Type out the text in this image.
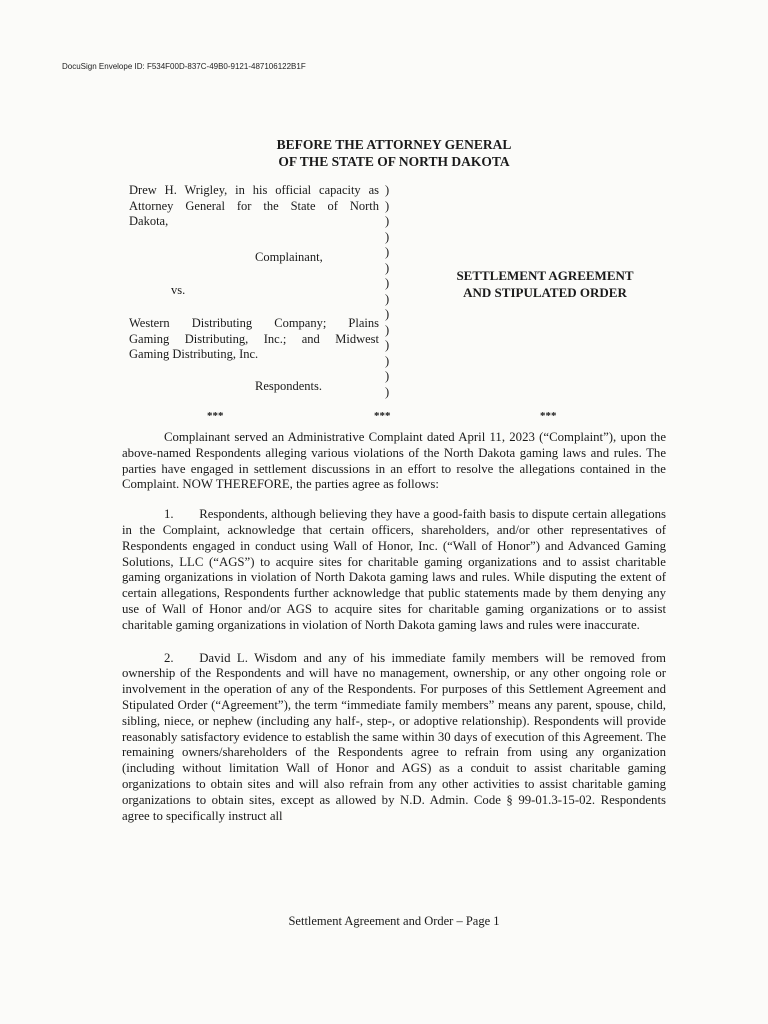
DocuSign Envelope ID: F534F00D-837C-49B0-9121-487106122B1F
BEFORE THE ATTORNEY GENERAL
OF THE STATE OF NORTH DAKOTA
Drew H. Wrigley, in his official capacity as
Attorney General for the State of North
Dakota,
Complainant,
vs.
Western Distributing Company; Plains
Gaming Distributing, Inc.; and Midwest
Gaming Distributing, Inc.
Respondents.
)
)
)
)
)
)
)
)
)
)
)
)
)
)
SETTLEMENT AGREEMENT
AND STIPULATED ORDER
***	***	***

Complainant served an Administrative Complaint dated April 11, 2023 (“Complaint”), upon the above-named Respondents alleging various violations of the North Dakota gaming laws and rules. The parties have engaged in settlement discussions in an effort to resolve the allegations contained in the Complaint. NOW THEREFORE, the parties agree as follows:

1.  Respondents, although believing they have a good-faith basis to dispute certain allegations in the Complaint, acknowledge that certain officers, shareholders, and/or other representatives of Respondents engaged in conduct using Wall of Honor, Inc. (“Wall of Honor”) and Advanced Gaming Solutions, LLC (“AGS”) to acquire sites for charitable gaming organizations and to assist charitable gaming organizations in violation of North Dakota gaming laws and rules. While disputing the extent of certain allegations, Respondents further acknowledge that public statements made by them denying any use of Wall of Honor and/or AGS to acquire sites for charitable gaming organizations or to assist charitable gaming organizations in violation of North Dakota gaming laws and rules were inaccurate.

2.  David L. Wisdom and any of his immediate family members will be removed from ownership of the Respondents and will have no management, ownership, or any other ongoing role or involvement in the operation of any of the Respondents. For purposes of this Settlement Agreement and Stipulated Order (“Agreement”), the term “immediate family members” means any parent, spouse, child, sibling, niece, or nephew (including any half-, step-, or adoptive relationship). Respondents will provide reasonably satisfactory evidence to establish the same within 30 days of execution of this Agreement. The remaining owners/shareholders of the Respondents agree to refrain from using any organization (including without limitation Wall of Honor and AGS) as a conduit to assist charitable gaming organizations to obtain sites and will also refrain from any other activities to assist charitable gaming organizations to obtain sites, except as allowed by N.D. Admin. Code § 99-01.3-15-02. Respondents agree to specifically instruct all

Settlement Agreement and Order – Page 1
